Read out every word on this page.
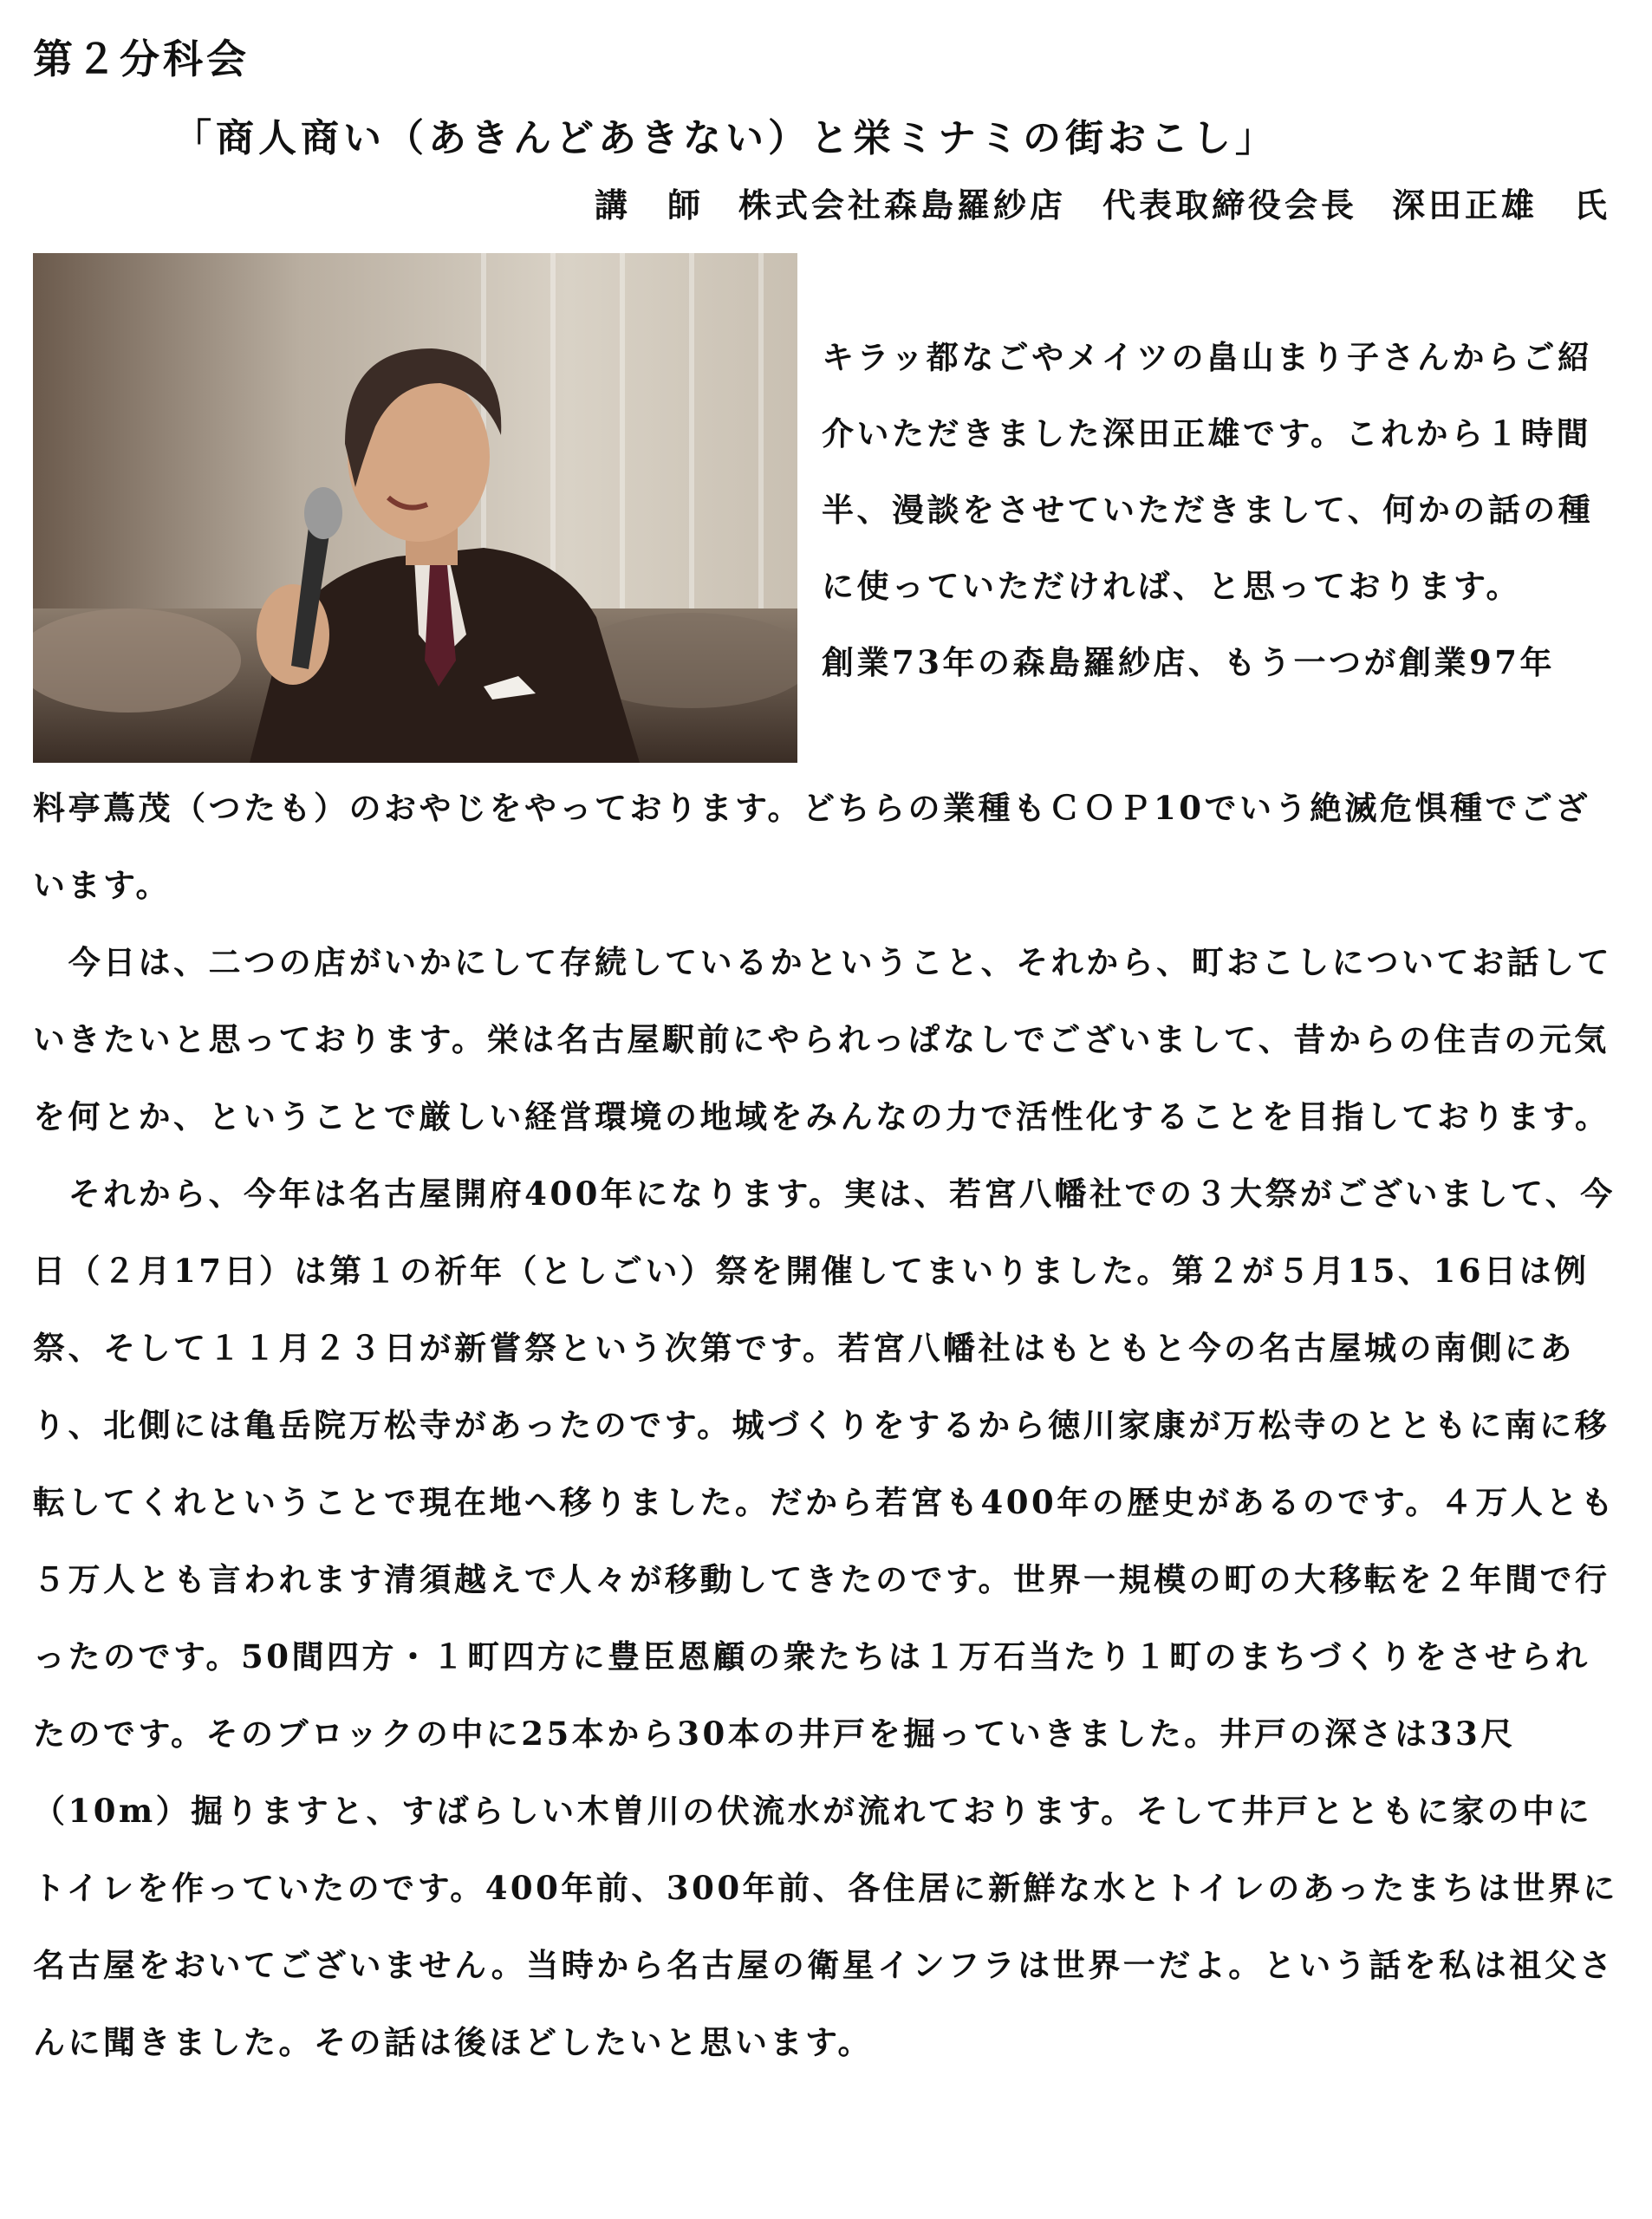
第２分科会
「商人商い（あきんどあきない）と栄ミナミの街おこし」
講　師 株式会社森島羅紗店　代表取締役会長 深田正雄　氏

キラッ都なごやメイツの畠山まり子さんからご紹介いただきました深田正雄です。これから１時間半、漫談をさせていただきまして、何かの話の種に使っていただければ、と思っております。

創業73年の森島羅紗店、もう一つが創業97年

料亭蔦茂（つたも）のおやじをやっております。どちらの業種もＣＯＰ10でいう絶滅危惧種でございます。

今日は、二つの店がいかにして存続しているかということ、それから、町おこしについてお話していきたいと思っております。栄は名古屋駅前にやられっぱなしでございまして、昔からの住吉の元気を何とか、ということで厳しい経営環境の地域をみんなの力で活性化することを目指しております。

それから、今年は名古屋開府400年になります。実は、若宮八幡社での３大祭がございまして、今日（２月17日）は第１の祈年（としごい）祭を開催してまいりました。第２が５月15、16日は例祭、そして１１月２３日が新嘗祭という次第です。若宮八幡社はもともと今の名古屋城の南側にあり、北側には亀岳院万松寺があったのです。城づくりをするから徳川家康が万松寺のとともに南に移転してくれということで現在地へ移りました。だから若宮も400年の歴史があるのです。４万人とも５万人とも言われます清須越えで人々が移動してきたのです。世界一規模の町の大移転を２年間で行ったのです。50間四方・１町四方に豊臣恩顧の衆たちは１万石当たり１町のまちづくりをさせられたのです。そのブロックの中に25本から30本の井戸を掘っていきました。井戸の深さは33尺（10m）掘りますと、すばらしい木曽川の伏流水が流れております。そして井戸とともに家の中にトイレを作っていたのです。400年前、300年前、各住居に新鮮な水とトイレのあったまちは世界に名古屋をおいてございません。当時から名古屋の衛星インフラは世界一だよ。という話を私は祖父さんに聞きました。その話は後ほどしたいと思います。
